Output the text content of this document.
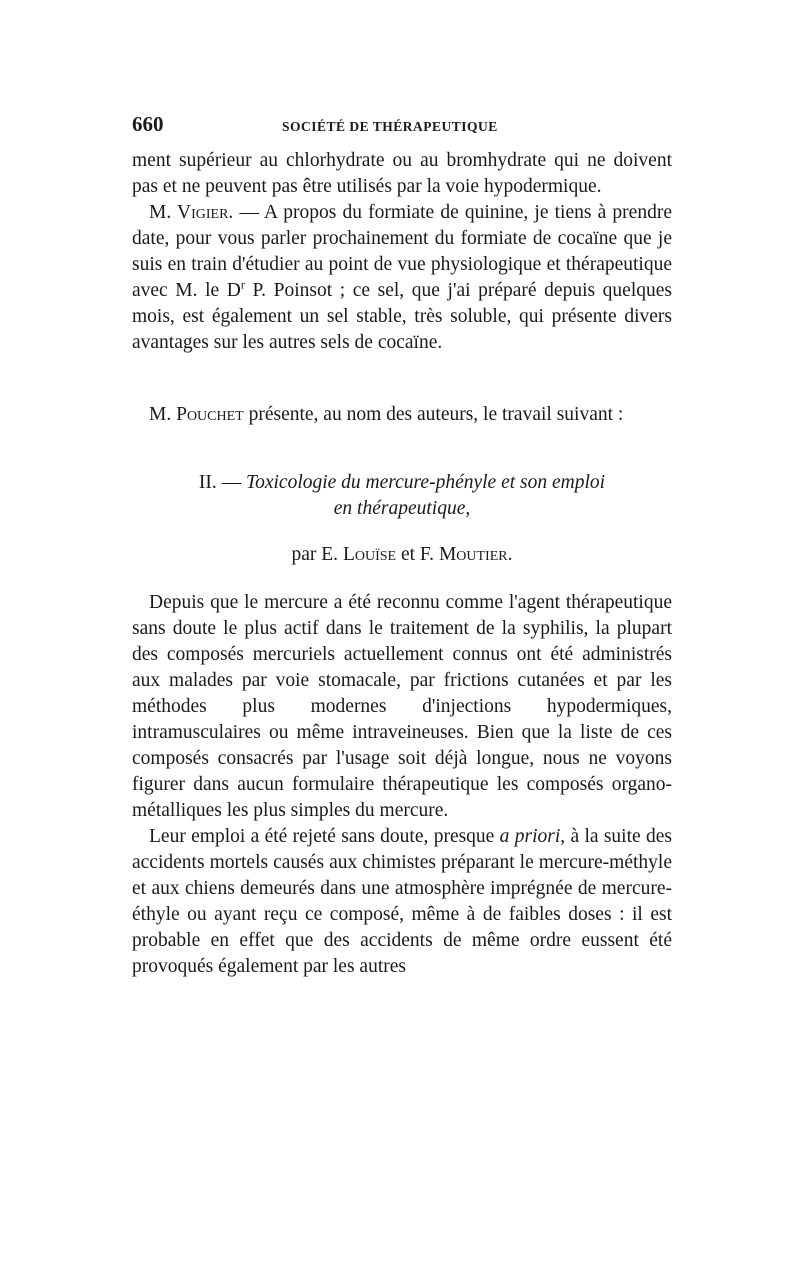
660	SOCIÉTÉ DE THÉRAPEUTIQUE

ment supérieur au chlorhydrate ou au bromhydrate qui ne doivent pas et ne peuvent pas être utilisés par la voie hypodermique.

M. Vigier. — A propos du formiate de quinine, je tiens à prendre date, pour vous parler prochainement du formiate de cocaïne que je suis en train d'étudier au point de vue physiologique et thérapeutique avec M. le $D^r$ P. Poinsot ; ce sel, que j'ai préparé depuis quelques mois, est également un sel stable, très soluble, qui présente divers avantages sur les autres sels de cocaïne.

M. Pouchet présente, au nom des auteurs, le travail suivant :

II. — Toxicologie du mercure-phényle et son emploi
en thérapeutique,

par E. Louïse et F. Moutier.

Depuis que le mercure a été reconnu comme l'agent thérapeutique sans doute le plus actif dans le traitement de la syphilis, la plupart des composés mercuriels actuellement connus ont été administrés aux malades par voie stomacale, par frictions cutanées et par les méthodes plus modernes d'injections hypodermiques, intramusculaires ou même intraveineuses. Bien que la liste de ces composés consacrés par l'usage soit déjà longue, nous ne voyons figurer dans aucun formulaire thérapeutique les composés organo-métalliques les plus simples du mercure.

Leur emploi a été rejeté sans doute, presque a priori, à la suite des accidents mortels causés aux chimistes préparant le mercure-méthyle et aux chiens demeurés dans une atmosphère imprégnée de mercure-éthyle ou ayant reçu ce composé, même à de faibles doses : il est probable en effet que des accidents de même ordre eussent été provoqués également par les autres
